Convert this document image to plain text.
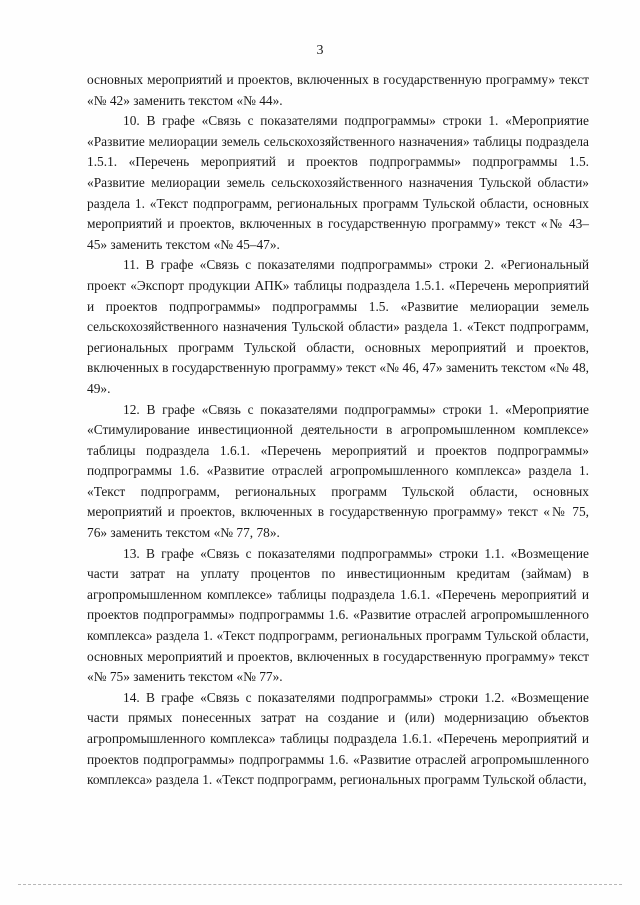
3

основных мероприятий и проектов, включенных в государственную программу» текст «№ 42» заменить текстом «№ 44».

10. В графе «Связь с показателями подпрограммы» строки 1. «Мероприятие «Развитие мелиорации земель сельскохозяйственного назначения» таблицы подраздела 1.5.1. «Перечень мероприятий и проектов подпрограммы» подпрограммы 1.5. «Развитие мелиорации земель сельскохозяйственного назначения Тульской области» раздела 1. «Текст подпрограмм, региональных программ Тульской области, основных мероприятий и проектов, включенных в государственную программу» текст «№ 43–45» заменить текстом «№ 45–47».

11. В графе «Связь с показателями подпрограммы» строки 2. «Региональный проект «Экспорт продукции АПК» таблицы подраздела 1.5.1. «Перечень мероприятий и проектов подпрограммы» подпрограммы 1.5. «Развитие мелиорации земель сельскохозяйственного назначения Тульской области» раздела 1. «Текст подпрограмм, региональных программ Тульской области, основных мероприятий и проектов, включенных в государственную программу» текст «№ 46, 47» заменить текстом «№ 48, 49».

12. В графе «Связь с показателями подпрограммы» строки 1. «Мероприятие «Стимулирование инвестиционной деятельности в агропромышленном комплексе» таблицы подраздела 1.6.1. «Перечень мероприятий и проектов подпрограммы» подпрограммы 1.6. «Развитие отраслей агропромышленного комплекса» раздела 1. «Текст подпрограмм, региональных программ Тульской области, основных мероприятий и проектов, включенных в государственную программу» текст «№ 75, 76» заменить текстом «№ 77, 78».

13. В графе «Связь с показателями подпрограммы» строки 1.1. «Возмещение части затрат на уплату процентов по инвестиционным кредитам (займам) в агропромышленном комплексе» таблицы подраздела 1.6.1. «Перечень мероприятий и проектов подпрограммы» подпрограммы 1.6. «Развитие отраслей агропромышленного комплекса» раздела 1. «Текст подпрограмм, региональных программ Тульской области, основных мероприятий и проектов, включенных в государственную программу» текст «№ 75» заменить текстом «№ 77».

14. В графе «Связь с показателями подпрограммы» строки 1.2. «Возмещение части прямых понесенных затрат на создание и (или) модернизацию объектов агропромышленного комплекса» таблицы подраздела 1.6.1. «Перечень мероприятий и проектов подпрограммы» подпрограммы 1.6. «Развитие отраслей агропромышленного комплекса» раздела 1. «Текст подпрограмм, региональных программ Тульской области,
